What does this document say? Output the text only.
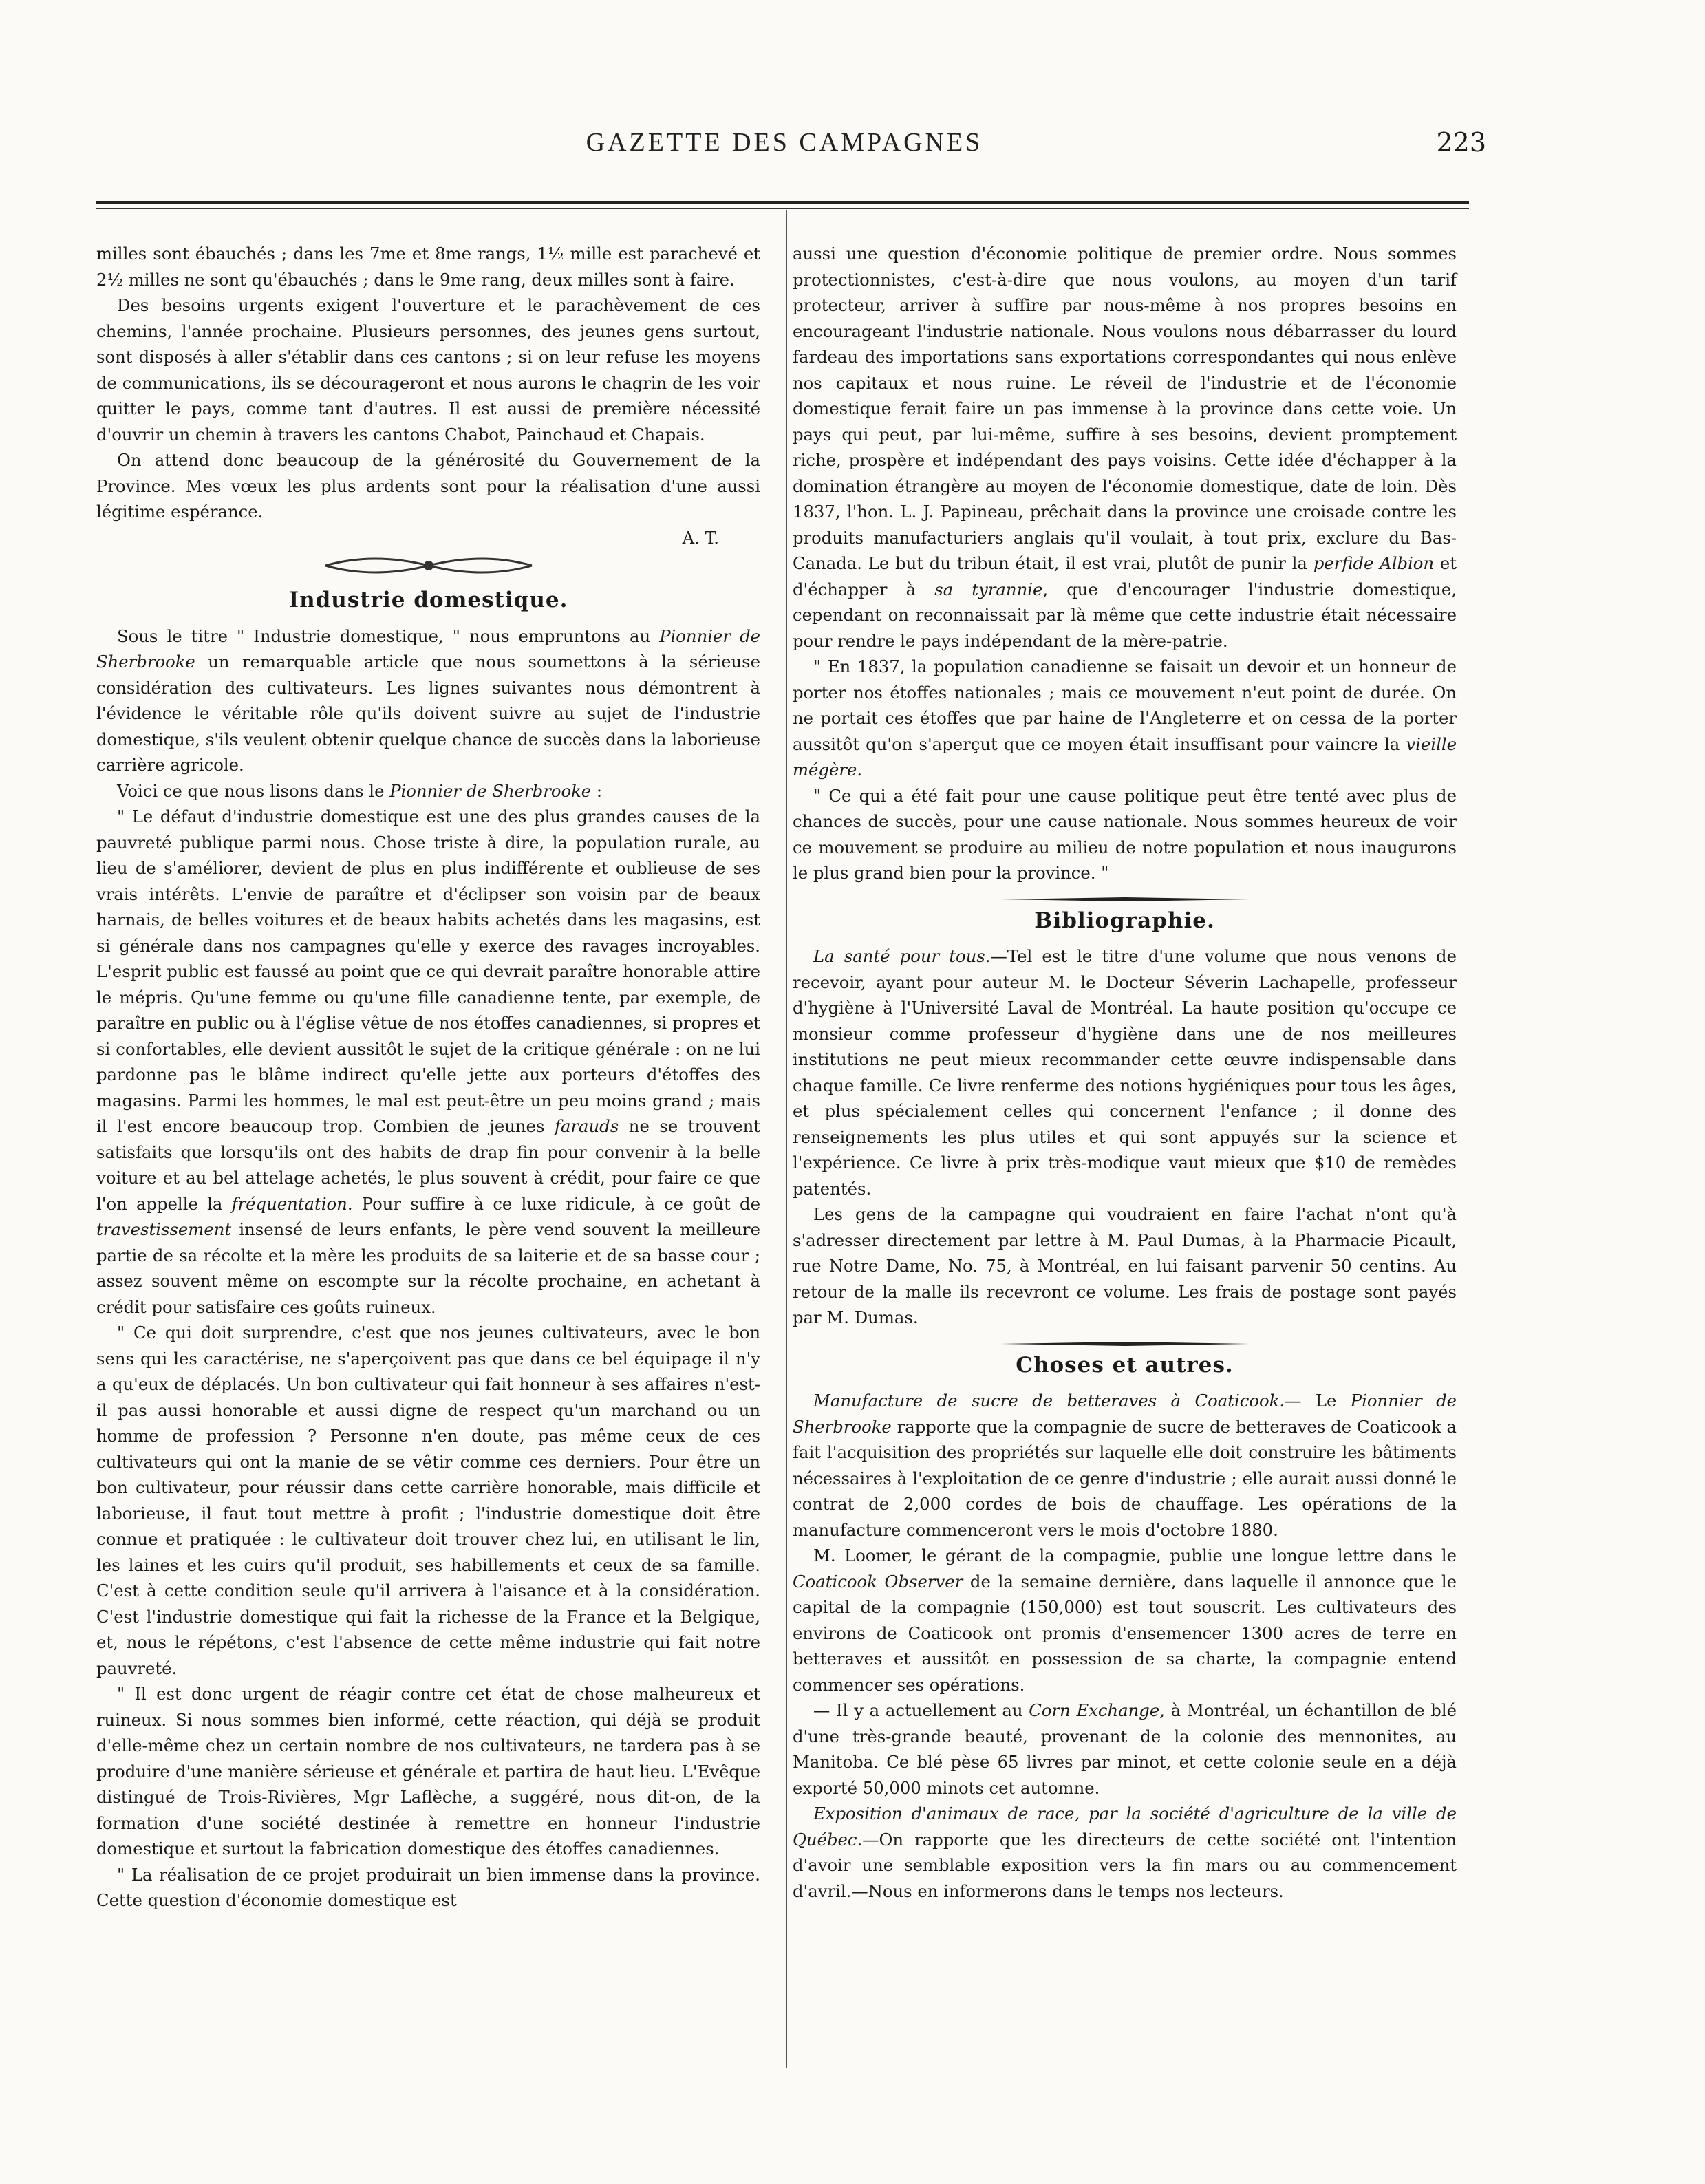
GAZETTE DES CAMPAGNES	223

milles sont ébauchés ; dans les 7me et 8me rangs, 1½ mille est parachevé et 2½ milles ne sont qu'ébauchés ; dans le 9me rang, deux milles sont à faire.

Des besoins urgents exigent l'ouverture et le parachèvement de ces chemins, l'année prochaine. Plusieurs personnes, des jeunes gens surtout, sont disposés à aller s'établir dans ces cantons ; si on leur refuse les moyens de communications, ils se décourageront et nous aurons le chagrin de les voir quitter le pays, comme tant d'autres. Il est aussi de première nécessité d'ouvrir un chemin à travers les cantons Chabot, Painchaud et Chapais.

On attend donc beaucoup de la générosité du Gouvernement de la Province. Mes vœux les plus ardents sont pour la réalisation d'une aussi légitime espérance.

A. T.
Industrie domestique.

Sous le titre " Industrie domestique, " nous empruntons au Pionnier de Sherbrooke un remarquable article que nous soumettons à la sérieuse considération des cultivateurs. Les lignes suivantes nous démontrent à l'évidence le véritable rôle qu'ils doivent suivre au sujet de l'industrie domestique, s'ils veulent obtenir quelque chance de succès dans la laborieuse carrière agricole.

Voici ce que nous lisons dans le Pionnier de Sherbrooke :

" Le défaut d'industrie domestique est une des plus grandes causes de la pauvreté publique parmi nous. Chose triste à dire, la population rurale, au lieu de s'améliorer, devient de plus en plus indifférente et oublieuse de ses vrais intérêts. L'envie de paraître et d'éclipser son voisin par de beaux harnais, de belles voitures et de beaux habits achetés dans les magasins, est si générale dans nos campagnes qu'elle y exerce des ravages incroyables. L'esprit public est faussé au point que ce qui devrait paraître honorable attire le mépris. Qu'une femme ou qu'une fille canadienne tente, par exemple, de paraître en public ou à l'église vêtue de nos étoffes canadiennes, si propres et si confortables, elle devient aussitôt le sujet de la critique générale : on ne lui pardonne pas le blâme indirect qu'elle jette aux porteurs d'étoffes des magasins. Parmi les hommes, le mal est peut-être un peu moins grand ; mais il l'est encore beaucoup trop. Combien de jeunes farauds ne se trouvent satisfaits que lorsqu'ils ont des habits de drap fin pour convenir à la belle voiture et au bel attelage achetés, le plus souvent à crédit, pour faire ce que l'on appelle la fréquentation. Pour suffire à ce luxe ridicule, à ce goût de travestissement insensé de leurs enfants, le père vend souvent la meilleure partie de sa récolte et la mère les produits de sa laiterie et de sa basse cour ; assez souvent même on escompte sur la récolte prochaine, en achetant à crédit pour satisfaire ces goûts ruineux.

" Ce qui doit surprendre, c'est que nos jeunes cultivateurs, avec le bon sens qui les caractérise, ne s'aperçoivent pas que dans ce bel équipage il n'y a qu'eux de déplacés. Un bon cultivateur qui fait honneur à ses affaires n'est-il pas aussi honorable et aussi digne de respect qu'un marchand ou un homme de profession ? Personne n'en doute, pas même ceux de ces cultivateurs qui ont la manie de se vêtir comme ces derniers. Pour être un bon cultivateur, pour réussir dans cette carrière honorable, mais difficile et laborieuse, il faut tout mettre à profit ; l'industrie domestique doit être connue et pratiquée : le cultivateur doit trouver chez lui, en utilisant le lin, les laines et les cuirs qu'il produit, ses habillements et ceux de sa famille. C'est à cette condition seule qu'il arrivera à l'aisance et à la considération. C'est l'industrie domestique qui fait la richesse de la France et la Belgique, et, nous le répétons, c'est l'absence de cette même industrie qui fait notre pauvreté.

" Il est donc urgent de réagir contre cet état de chose malheureux et ruineux. Si nous sommes bien informé, cette réaction, qui déjà se produit d'elle-même chez un certain nombre de nos cultivateurs, ne tardera pas à se produire d'une manière sérieuse et générale et partira de haut lieu. L'Evêque distingué de Trois-Rivières, Mgr Laflèche, a suggéré, nous dit-on, de la formation d'une société destinée à remettre en honneur l'industrie domestique et surtout la fabrication domestique des étoffes canadiennes.

" La réalisation de ce projet produirait un bien immense dans la province. Cette question d'économie domestique est

aussi une question d'économie politique de premier ordre. Nous sommes protectionnistes, c'est-à-dire que nous voulons, au moyen d'un tarif protecteur, arriver à suffire par nous-même à nos propres besoins en encourageant l'industrie nationale. Nous voulons nous débarrasser du lourd fardeau des importations sans exportations correspondantes qui nous enlève nos capitaux et nous ruine. Le réveil de l'industrie et de l'économie domestique ferait faire un pas immense à la province dans cette voie. Un pays qui peut, par lui-même, suffire à ses besoins, devient promptement riche, prospère et indépendant des pays voisins. Cette idée d'échapper à la domination étrangère au moyen de l'économie domestique, date de loin. Dès 1837, l'hon. L. J. Papineau, prêchait dans la province une croisade contre les produits manufacturiers anglais qu'il voulait, à tout prix, exclure du Bas-Canada. Le but du tribun était, il est vrai, plutôt de punir la perfide Albion et d'échapper à sa tyrannie, que d'encourager l'industrie domestique, cependant on reconnaissait par là même que cette industrie était nécessaire pour rendre le pays indépendant de la mère-patrie.

" En 1837, la population canadienne se faisait un devoir et un honneur de porter nos étoffes nationales ; mais ce mouvement n'eut point de durée. On ne portait ces étoffes que par haine de l'Angleterre et on cessa de la porter aussitôt qu'on s'aperçut que ce moyen était insuffisant pour vaincre la vieille mégère.

" Ce qui a été fait pour une cause politique peut être tenté avec plus de chances de succès, pour une cause nationale. Nous sommes heureux de voir ce mouvement se produire au milieu de notre population et nous inaugurons le plus grand bien pour la province. "

Bibliographie.

La santé pour tous.—Tel est le titre d'une volume que nous venons de recevoir, ayant pour auteur M. le Docteur Séverin Lachapelle, professeur d'hygiène à l'Université Laval de Montréal. La haute position qu'occupe ce monsieur comme professeur d'hygiène dans une de nos meilleures institutions ne peut mieux recommander cette œuvre indispensable dans chaque famille. Ce livre renferme des notions hygiéniques pour tous les âges, et plus spécialement celles qui concernent l'enfance ; il donne des renseignements les plus utiles et qui sont appuyés sur la science et l'expérience. Ce livre à prix très-modique vaut mieux que $10 de remèdes patentés.

Les gens de la campagne qui voudraient en faire l'achat n'ont qu'à s'adresser directement par lettre à M. Paul Dumas, à la Pharmacie Picault, rue Notre Dame, No. 75, à Montréal, en lui faisant parvenir 50 centins. Au retour de la malle ils recevront ce volume. Les frais de postage sont payés par M. Dumas.

Choses et autres.

Manufacture de sucre de betteraves à Coaticook.— Le Pionnier de Sherbrooke rapporte que la compagnie de sucre de betteraves de Coaticook a fait l'acquisition des propriétés sur laquelle elle doit construire les bâtiments nécessaires à l'exploitation de ce genre d'industrie ; elle aurait aussi donné le contrat de 2,000 cordes de bois de chauffage. Les opérations de la manufacture commenceront vers le mois d'octobre 1880.

M. Loomer, le gérant de la compagnie, publie une longue lettre dans le Coaticook Observer de la semaine dernière, dans laquelle il annonce que le capital de la compagnie (150,000) est tout souscrit. Les cultivateurs des environs de Coaticook ont promis d'ensemencer 1300 acres de terre en betteraves et aussitôt en possession de sa charte, la compagnie entend commencer ses opérations.

— Il y a actuellement au Corn Exchange, à Montréal, un échantillon de blé d'une très-grande beauté, provenant de la colonie des mennonites, au Manitoba. Ce blé pèse 65 livres par minot, et cette colonie seule en a déjà exporté 50,000 minots cet automne.

Exposition d'animaux de race, par la société d'agriculture de la ville de Québec.—On rapporte que les directeurs de cette société ont l'intention d'avoir une semblable exposition vers la fin mars ou au commencement d'avril.—Nous en informerons dans le temps nos lecteurs.
